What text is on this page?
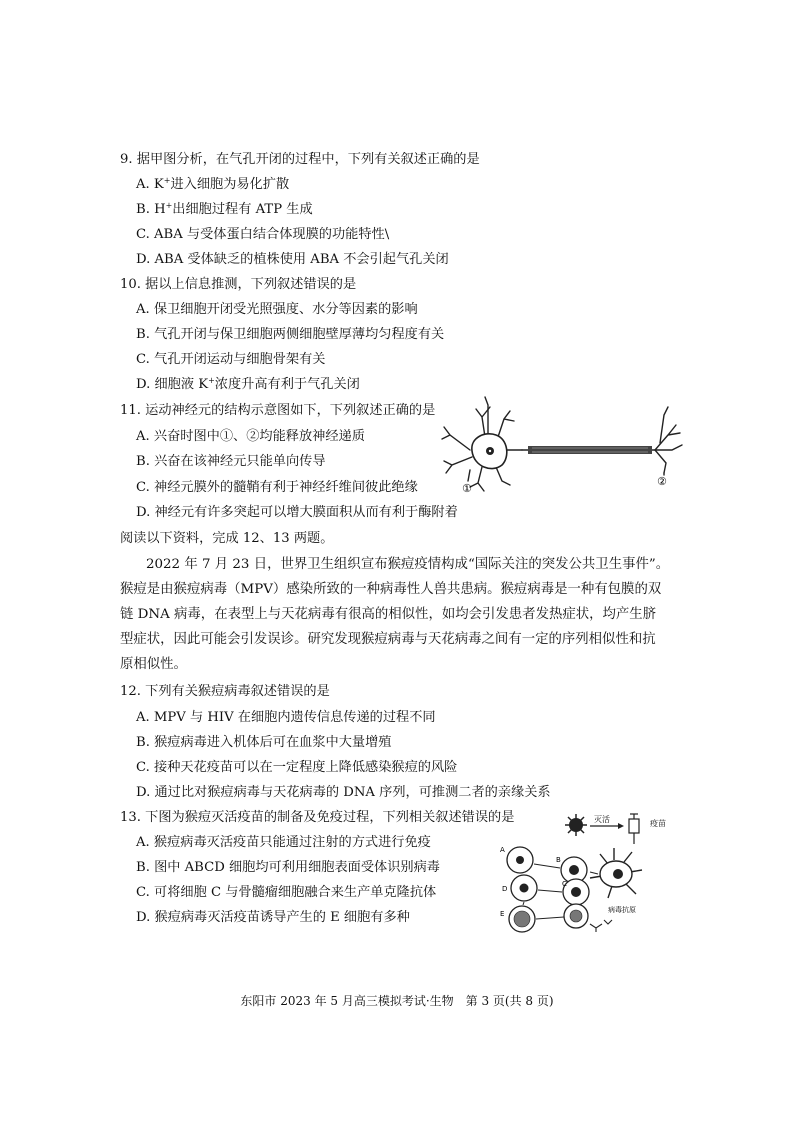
9. 据甲图分析，在气孔开闭的过程中，下列有关叙述正确的是
A. K+进入细胞为易化扩散
B. H+出细胞过程有 ATP 生成
C. ABA 与受体蛋白结合体现膜的功能特性\
D. ABA 受体缺乏的植株使用 ABA 不会引起气孔关闭
10. 据以上信息推测，下列叙述错误的是
A. 保卫细胞开闭受光照强度、水分等因素的影响
B. 气孔开闭与保卫细胞两侧细胞壁厚薄均匀程度有关
C. 气孔开闭运动与细胞骨架有关
D. 细胞液 K+浓度升高有利于气孔关闭
11. 运动神经元的结构示意图如下，下列叙述正确的是
A. 兴奋时图中①、②均能释放神经递质
B. 兴奋在该神经元只能单向传导
C. 神经元膜外的髓鞘有利于神经纤维间彼此绝缘
D. 神经元有许多突起可以增大膜面积从而有利于酶附着
①
②
阅读以下资料，完成 12、13 两题。
2022 年 7 月 23 日，世界卫生组织宣布猴痘疫情构成“国际关注的突发公共卫生事件”。
猴痘是由猴痘病毒（MPV）感染所致的一种病毒性人兽共患病。猴痘病毒是一种有包膜的双
链 DNA 病毒，在表型上与天花病毒有很高的相似性，如均会引发患者发热症状，均产生脐
型症状，因此可能会引发误诊。研究发现猴痘病毒与天花病毒之间有一定的序列相似性和抗
原相似性。
12. 下列有关猴痘病毒叙述错误的是
A. MPV 与 HIV 在细胞内遗传信息传递的过程不同
B. 猴痘病毒进入机体后可在血浆中大量增殖
C. 接种天花疫苗可以在一定程度上降低感染猴痘的风险
D. 通过比对猴痘病毒与天花病毒的 DNA 序列，可推测二者的亲缘关系
13. 下图为猴痘灭活疫苗的制备及免疫过程，下列相关叙述错误的是
A. 猴痘病毒灭活疫苗只能通过注射的方式进行免疫
B. 图中 ABCD 细胞均可利用细胞表面受体识别病毒
C. 可将细胞 C 与骨髓瘤细胞融合来生产单克隆抗体
D. 猴痘病毒灭活疫苗诱导产生的 E 细胞有多种
灭活	疫苗
病毒抗原
A
B
D
C
E
东阳市 2023 年 5 月高三模拟考试·生物　第 3 页(共 8 页)
